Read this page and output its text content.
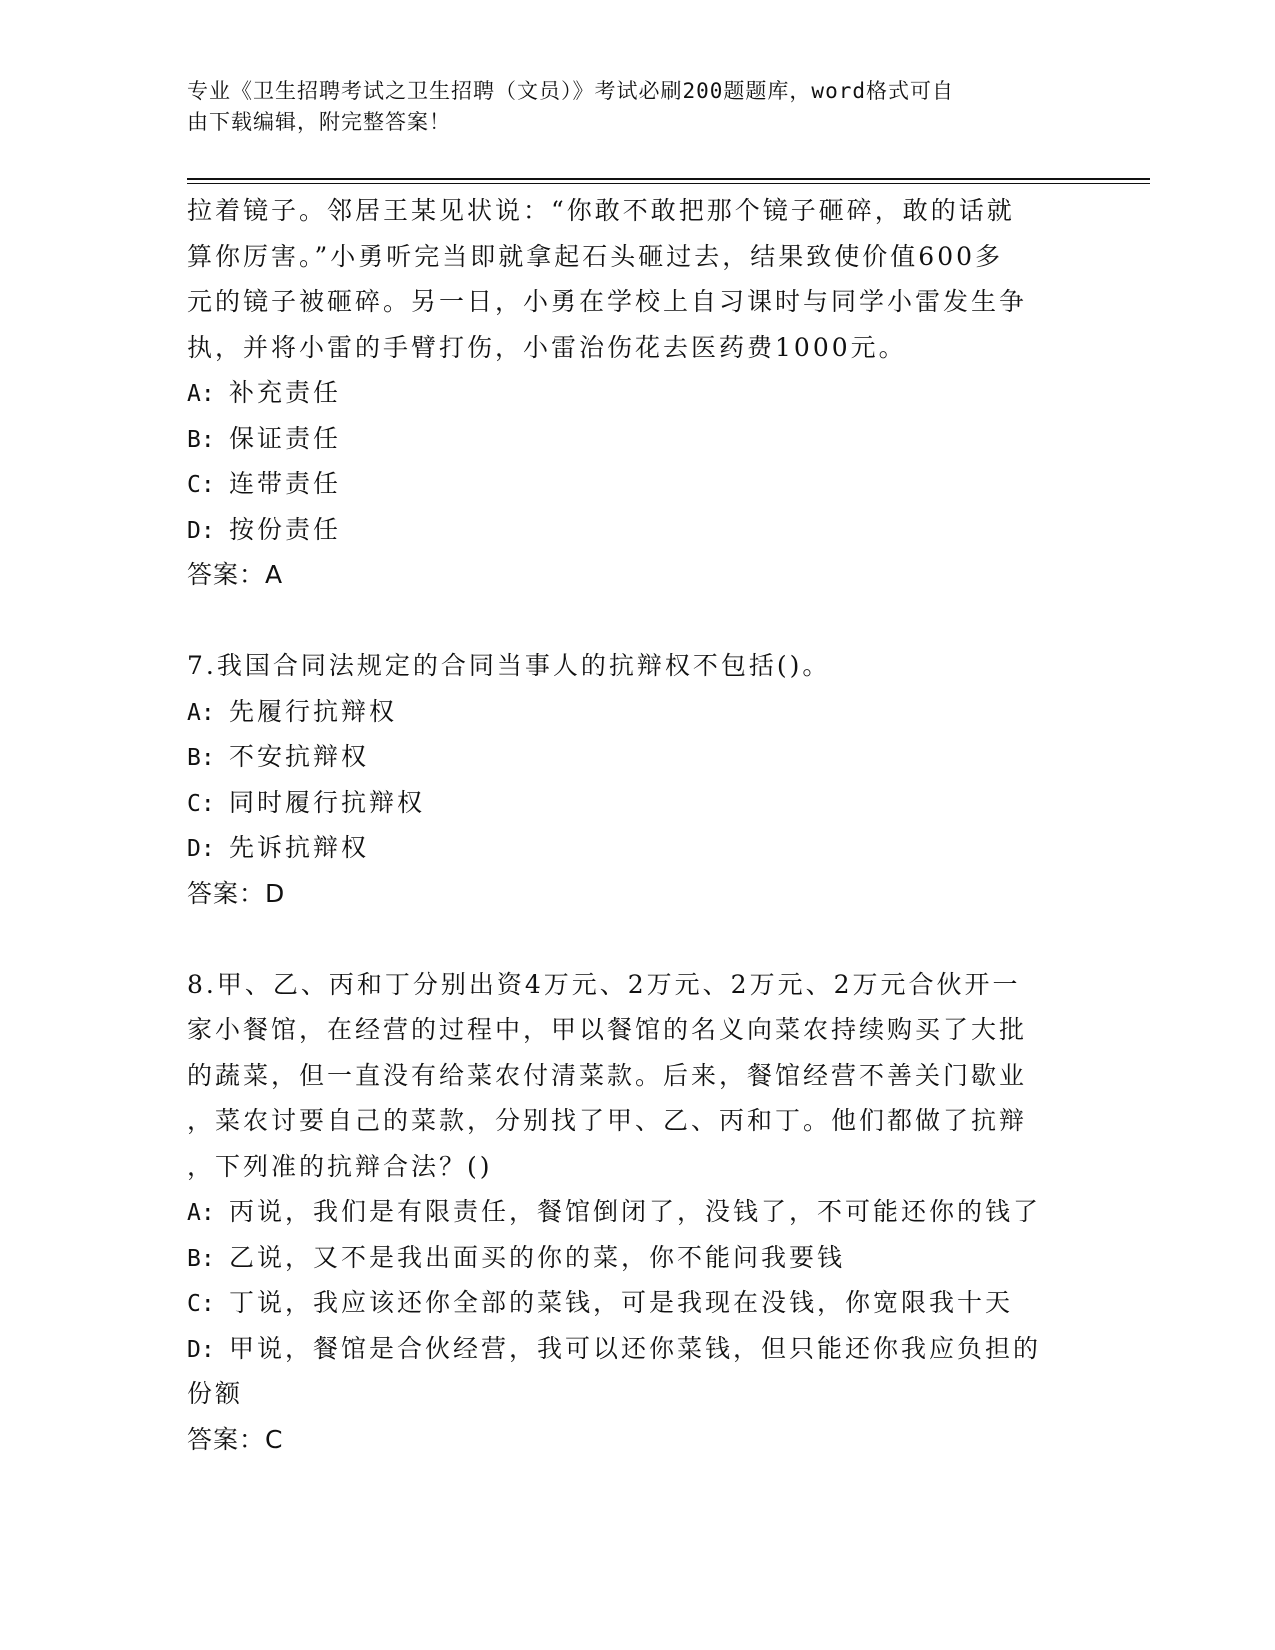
专业《卫生招聘考试之卫生招聘（文员）》考试必刷200题题库，word格式可自
由下载编辑，附完整答案！
拉着镜子。邻居王某见状说：“你敢不敢把那个镜子砸碎，敢的话就
算你厉害。”小勇听完当即就拿起石头砸过去，结果致使价值600多
元的镜子被砸碎。另一日，小勇在学校上自习课时与同学小雷发生争
执，并将小雷的手臂打伤，小雷治伤花去医药费1000元。
A: 补充责任
B: 保证责任
C: 连带责任
D: 按份责任
答案：A
7.我国合同法规定的合同当事人的抗辩权不包括()。
A: 先履行抗辩权
B: 不安抗辩权
C: 同时履行抗辩权
D: 先诉抗辩权
答案：D
8.甲、乙、丙和丁分别出资4万元、2万元、2万元、2万元合伙开一
家小餐馆，在经营的过程中，甲以餐馆的名义向菜农持续购买了大批
的蔬菜，但一直没有给菜农付清菜款。后来，餐馆经营不善关门歇业
，菜农讨要自己的菜款，分别找了甲、乙、丙和丁。他们都做了抗辩
，下列准的抗辩合法？()
A: 丙说，我们是有限责任，餐馆倒闭了，没钱了，不可能还你的钱了
B: 乙说，又不是我出面买的你的菜，你不能问我要钱
C: 丁说，我应该还你全部的菜钱，可是我现在没钱，你宽限我十天
D: 甲说，餐馆是合伙经营，我可以还你菜钱，但只能还你我应负担的
份额
答案：C
